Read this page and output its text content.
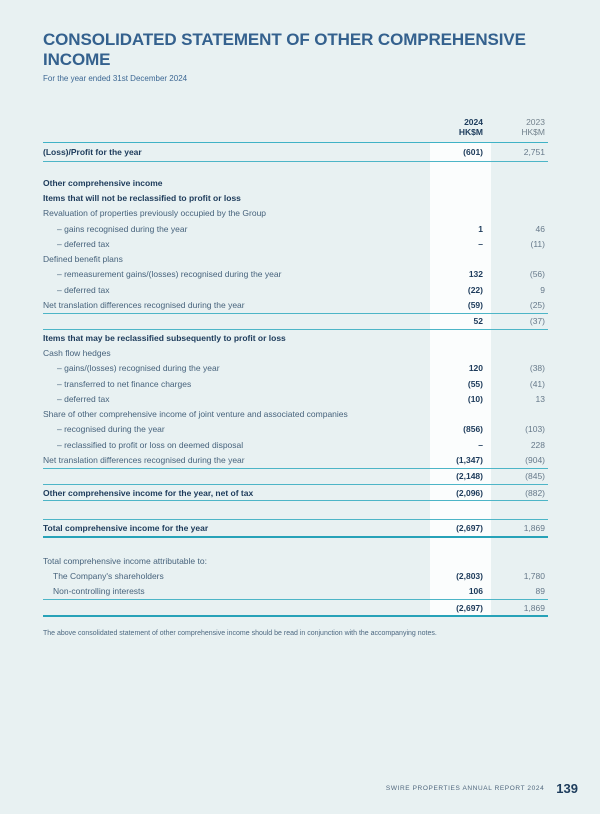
CONSOLIDATED STATEMENT OF OTHER COMPREHENSIVE INCOME
For the year ended 31st December 2024
2024
HK$M
2023
HK$M
(Loss)/Profit for the year	(601)	2,751
Other comprehensive income
Items that will not be reclassified to profit or loss
Revaluation of properties previously occupied by the Group
– gains recognised during the year	1	46
– deferred tax	–	(11)
Defined benefit plans
– remeasurement gains/(losses) recognised during the year	132	(56)
– deferred tax	(22)	9
Net translation differences recognised during the year	(59)	(25)
52	(37)
Items that may be reclassified subsequently to profit or loss
Cash flow hedges
– gains/(losses) recognised during the year	120	(38)
– transferred to net finance charges	(55)	(41)
– deferred tax	(10)	13
Share of other comprehensive income of joint venture and associated companies
– recognised during the year	(856)	(103)
– reclassified to profit or loss on deemed disposal	–	228
Net translation differences recognised during the year	(1,347)	(904)
(2,148)	(845)
Other comprehensive income for the year, net of tax	(2,096)	(882)
Total comprehensive income for the year	(2,697)	1,869
Total comprehensive income attributable to:
The Company's shareholders	(2,803)	1,780
Non-controlling interests	106	89
(2,697)	1,869
The above consolidated statement of other comprehensive income should be read in conjunction with the accompanying notes.
SWIRE PROPERTIES ANNUAL REPORT 2024 139
